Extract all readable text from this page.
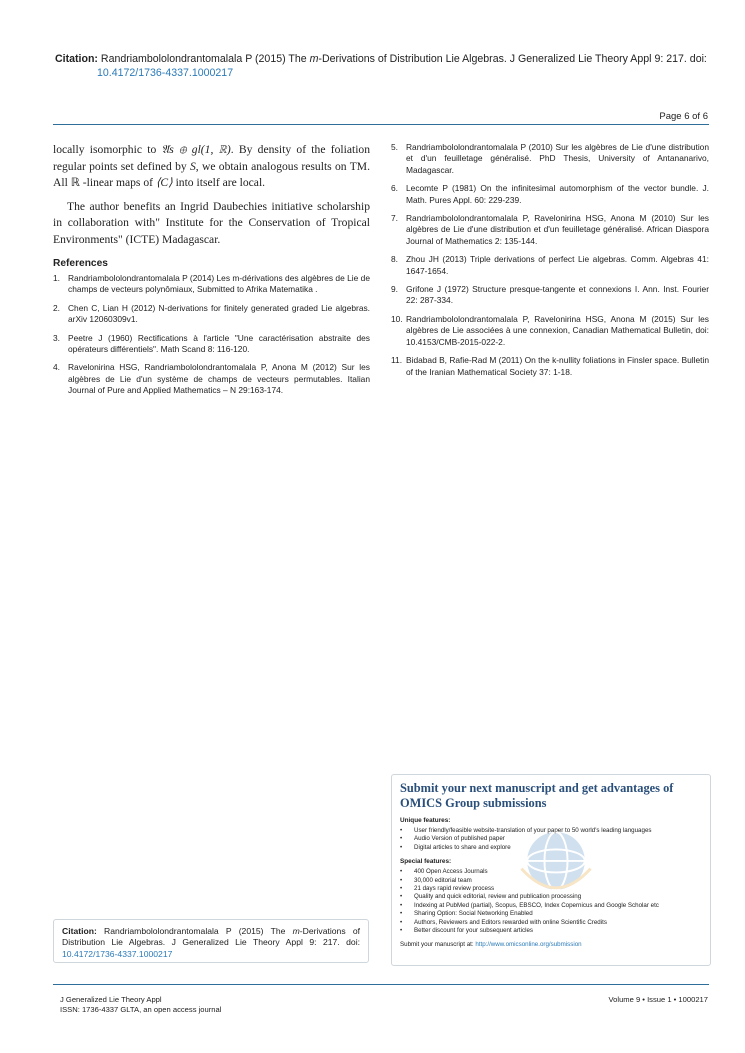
Citation: Randriambololondrantomalala P (2015) The m-Derivations of Distribution Lie Algebras. J Generalized Lie Theory Appl 9: 217. doi:
10.4172/1736-4337.1000217
Page 6 of 6

locally isomorphic to 𝔄s ⊕ gl(1, ℝ). By density of the foliation regular points set defined by S, we obtain analogous results on TM. All ℝ -linear maps of ⟨C⟩ into itself are local.

The author benefits an Ingrid Daubechies initiative scholarship in collaboration with" Institute for the Conservation of Tropical Environments" (ICTE) Madagascar.

References
1. Randriambololondrantomalala P (2014) Les m-dérivations des algèbres de Lie de champs de vecteurs polynômiaux, Submitted to Afrika Matematika .
2. Chen C, Lian H (2012) N-derivations for finitely generated graded Lie algebras. arXiv 12060309v1.
3. Peetre J (1960) Rectifications à l'article "Une caractérisation abstraite des opérateurs différentiels". Math Scand 8: 116-120.
4. Ravelonirina HSG, Randriambololondrantomalala P, Anona M (2012) Sur les algèbres de Lie d'un système de champs de vecteurs permutables. Italian Journal of Pure and Applied Mathematics – N 29:163-174.
5. Randriambololondrantomalala P (2010) Sur les algèbres de Lie d'une distribution et d'un feuilletage généralisé. PhD Thesis, University of Antananarivo, Madagascar.
6. Lecomte P (1981) On the infinitesimal automorphism of the vector bundle. J. Math. Pures Appl. 60: 229-239.
7. Randriambololondrantomalala P, Ravelonirina HSG, Anona M (2010) Sur les algèbres de Lie d'une distribution et d'un feuilletage généralisé. African Diaspora Journal of Mathematics 2: 135-144.
8. Zhou JH (2013) Triple derivations of perfect Lie algebras. Comm. Algebras 41: 1647-1654.
9. Grifone J (1972) Structure presque-tangente et connexions I. Ann. Inst. Fourier 22: 287-334.
10. Randriambololondrantomalala P, Ravelonirina HSG, Anona M (2015) Sur les algèbres de Lie associées à une connexion, Canadian Mathematical Bulletin, doi: 10.4153/CMB-2015-022-2.
11. Bidabad B, Rafie-Rad M (2011) On the k-nullity foliations in Finsler space. Bulletin of the Iranian Mathematical Society 37: 1-18.
Submit your next manuscript and get advantages of OMICS Group submissions
Unique features:
•	User friendly/feasible website-translation of your paper to 50 world's leading languages
•	Audio Version of published paper
•	Digital articles to share and explore
Special features:
•	400 Open Access Journals
•	30,000 editorial team
•	21 days rapid review process
•	Quality and quick editorial, review and publication processing
•	Indexing at PubMed (partial), Scopus, EBSCO, Index Copernicus and Google Scholar etc
•	Sharing Option: Social Networking Enabled
•	Authors, Reviewers and Editors rewarded with online Scientific Credits
•	Better discount for your subsequent articles
Submit your manuscript at: http://www.omicsonline.org/submission
Citation: Randriambololondrantomalala P (2015) The m-Derivations of Distribution Lie Algebras. J Generalized Lie Theory Appl 9: 217. doi: 10.4172/1736-4337.1000217
J Generalized Lie Theory Appl
ISSN: 1736-4337 GLTA, an open access journal
Volume 9 • Issue 1 • 1000217
